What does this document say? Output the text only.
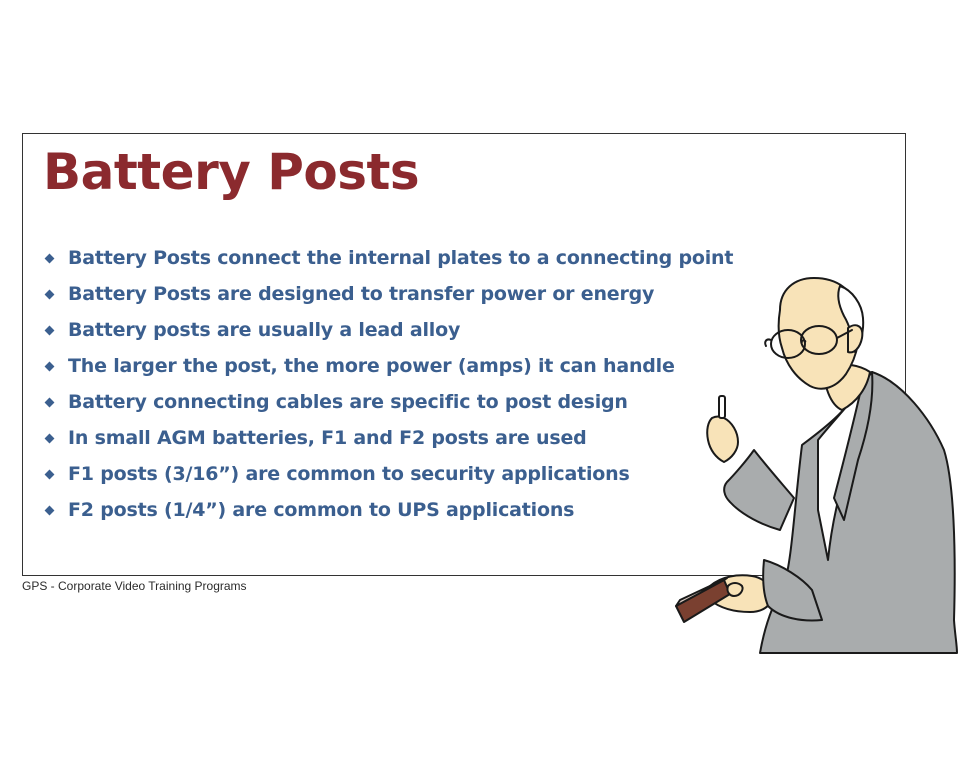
Battery Posts
Battery Posts connect the internal plates to a connecting point
Battery Posts are designed to transfer power or energy
Battery posts are usually a lead alloy
The larger the post, the more power (amps) it can handle
Battery connecting cables are specific to post design
In small AGM batteries, F1 and F2 posts are used
F1 posts (3/16”) are common to security applications
F2 posts (1/4”) are common to UPS applications
GPS - Corporate Video Training Programs
